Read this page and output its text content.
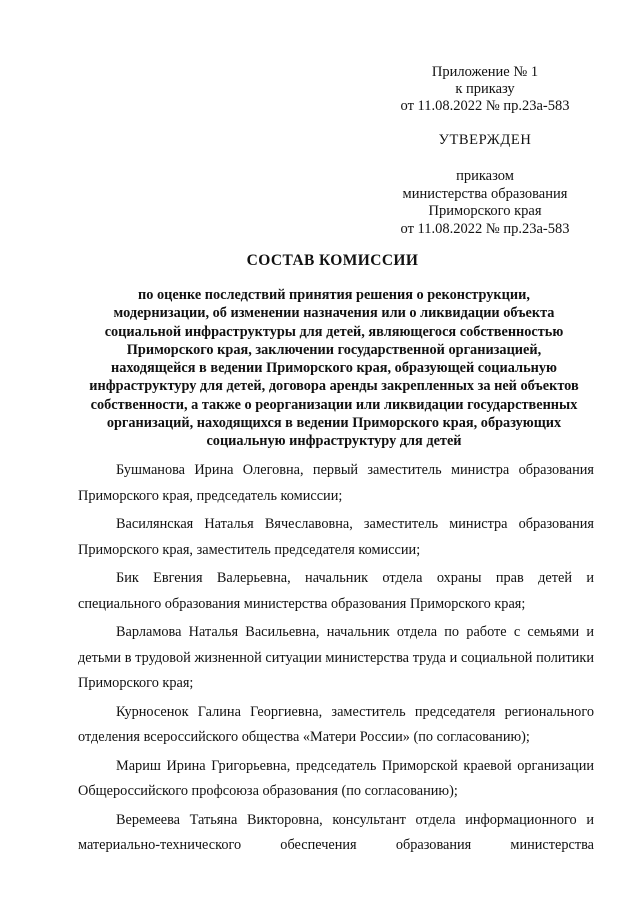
Приложение № 1
к приказу
от 11.08.2022 № пр.23а-583
УТВЕРЖДЕН
приказом
министерства образования
Приморского края
от 11.08.2022 № пр.23а-583
СОСТАВ КОМИССИИ
по оценке последствий принятия решения о реконструкции,
модернизации, об изменении назначения или о ликвидации объекта
социальной инфраструктуры для детей, являющегося собственностью
Приморского края, заключении государственной организацией,
находящейся в ведении Приморского края, образующей социальную
инфраструктуру для детей, договора аренды закрепленных за ней объектов
собственности, а также о реорганизации или ликвидации государственных
организаций, находящихся в ведении Приморского края, образующих
социальную инфраструктуру для детей

Бушманова Ирина Олеговна, первый заместитель министра образования Приморского края, председатель комиссии;

Василянская Наталья Вячеславовна, заместитель министра образования Приморского края, заместитель председателя комиссии;

Бик Евгения Валерьевна, начальник отдела охраны прав детей и специального образования министерства образования Приморского края;

Варламова Наталья Васильевна, начальник отдела по работе с семьями и детьми в трудовой жизненной ситуации министерства труда и социальной политики Приморского края;

Курносенок Галина Георгиевна, заместитель председателя регионального отделения всероссийского общества «Матери России» (по согласованию);

Мариш Ирина Григорьевна, председатель Приморской краевой организации Общероссийского профсоюза образования (по согласованию);

Веремеева Татьяна Викторовна, консультант отдела информационного и материально-технического обеспечения образования министерства
